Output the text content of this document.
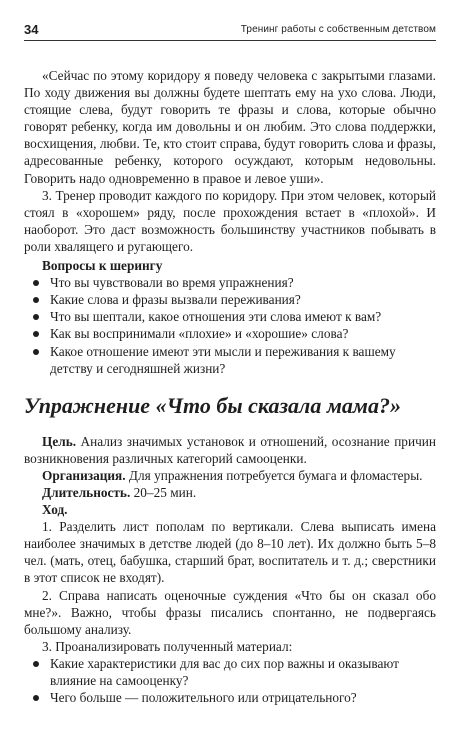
34	Тренинг работы с собственным детством

«Сейчас по этому коридору я поведу человека с закрытыми глазами. По ходу движения вы должны будете шептать ему на ухо слова. Люди, стоящие слева, будут говорить те фразы и слова, которые обычно говорят ребенку, когда им довольны и он любим. Это слова поддержки, восхищения, любви. Те, кто стоит справа, будут говорить слова и фразы, адресованные ребенку, которого осуждают, которым недовольны. Говорить надо одновременно в правое и левое уши».

3. Тренер проводит каждого по коридору. При этом человек, который стоял в «хорошем» ряду, после прохождения встает в «плохой». И наоборот. Это даст возможность большинству участников побывать в роли хвалящего и ругающего.

Вопросы к шерингу
Что вы чувствовали во время упражнения?
Какие слова и фразы вызвали переживания?
Что вы шептали, какое отношения эти слова имеют к вам?
Как вы воспринимали «плохие» и «хорошие» слова?
Какое отношение имеют эти мысли и переживания к вашему детству и сегодняшней жизни?
Упражнение «Что бы сказала мама?»

Цель. Анализ значимых установок и отношений, осознание причин возникновения различных категорий самооценки.

Организация. Для упражнения потребуется бумага и фломастеры.

Длительность. 20–25 мин.

Ход.

1. Разделить лист пополам по вертикали. Слева выписать имена наиболее значимых в детстве людей (до 8–10 лет). Их должно быть 5–8 чел. (мать, отец, бабушка, старший брат, воспитатель и т. д.; сверстники в этот список не входят).

2. Справа написать оценочные суждения «Что бы он сказал обо мне?». Важно, чтобы фразы писались спонтанно, не подвергаясь большому анализу.

3. Проанализировать полученный материал:

Какие характеристики для вас до сих пор важны и оказывают влияние на самооценку?
Чего больше — положительного или отрицательного?
